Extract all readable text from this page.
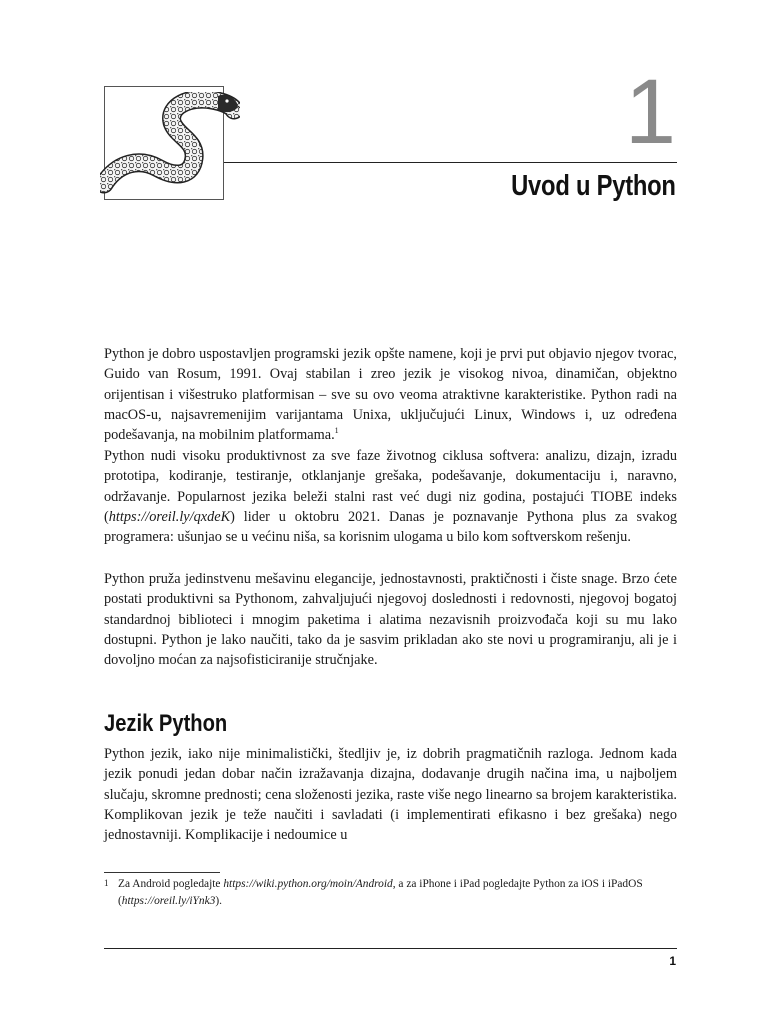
1
Uvod u Python

Python je dobro uspostavljen programski jezik opšte namene, koji je prvi put objavio njegov tvorac, Guido van Rosum, 1991. Ovaj stabilan i zreo jezik je visokog nivoa, dinamičan, objektno orijentisan i višestruko platformisan – sve su ovo veoma atraktivne karakteristike. Python radi na macOS-u, najsavremenijim varijantama Unixa, uključujući Linux, Windows i, uz određena podešavanja, na mobilnim platformama.$^1$

Python nudi visoku produktivnost za sve faze životnog ciklusa softvera: analizu, dizajn, izradu prototipa, kodiranje, testiranje, otklanjanje grešaka, podešavanje, dokumentaciju i, naravno, održavanje. Popularnost jezika beleži stalni rast već dugi niz godina, postajući TIOBE indeks (https://oreil.ly/qxdeK) lider u oktobru 2021. Danas je poznavanje Pythona plus za svakog programera: ušunjao se u većinu niša, sa korisnim ulogama u bilo kom softverskom rešenju.

Python pruža jedinstvenu mešavinu elegancije, jednostavnosti, praktičnosti i čiste snage. Brzo ćete postati produktivni sa Pythonom, zahvaljujući njegovoj doslednosti i redovnosti, njegovoj bogatoj standardnoj biblioteci i mnogim paketima i alatima nezavisnih proizvođača koji su mu lako dostupni. Python je lako naučiti, tako da je sasvim prikladan ako ste novi u programiranju, ali je i dovoljno moćan za najsofisticiranije stručnjake.

Jezik Python

Python jezik, iako nije minimalistički, štedljiv je, iz dobrih pragmatičnih razloga. Jednom kada jezik ponudi jedan dobar način izražavanja dizajna, dodavanje drugih načina ima, u najboljem slučaju, skromne prednosti; cena složenosti jezika, raste više nego linearno sa brojem karakteristika. Komplikovan jezik je teže naučiti i savladati (i implementirati efikasno i bez grešaka) nego jednostavniji. Komplikacije i nedoumice u

1 Za Android pogledajte https://wiki.python.org/moin/Android, a za iPhone i iPad pogledajte Python za iOS i iPadOS (https://oreil.ly/iYnk3).

1
